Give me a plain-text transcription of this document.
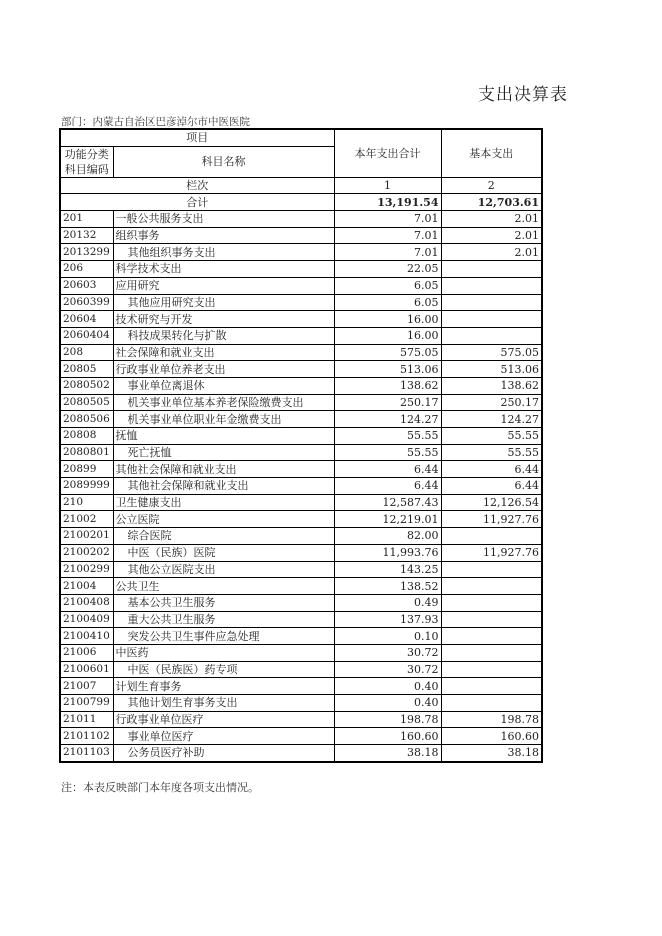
支出决算表
部门：内蒙古自治区巴彦淖尔市中医医院
项目		本年支出合计	基本支出

功能分类
科目编码	科目名称		
栏次		1	2
合计		13,191.54	12,703.61
201	一般公共服务支出	7.01	2.01
20132	组织事务	7.01	2.01
2013299	其他组织事务支出	7.01	2.01
206	科学技术支出	22.05	
20603	应用研究	6.05	
2060399	其他应用研究支出	6.05	
20604	技术研究与开发	16.00	
2060404	科技成果转化与扩散	16.00	
208	社会保障和就业支出	575.05	575.05
20805	行政事业单位养老支出	513.06	513.06
2080502	事业单位离退休	138.62	138.62
2080505	机关事业单位基本养老保险缴费支出	250.17	250.17
2080506	机关事业单位职业年金缴费支出	124.27	124.27
20808	抚恤	55.55	55.55
2080801	死亡抚恤	55.55	55.55
20899	其他社会保障和就业支出	6.44	6.44
2089999	其他社会保障和就业支出	6.44	6.44
210	卫生健康支出	12,587.43	12,126.54
21002	公立医院	12,219.01	11,927.76
2100201	综合医院	82.00	
2100202	中医（民族）医院	11,993.76	11,927.76
2100299	其他公立医院支出	143.25	
21004	公共卫生	138.52	
2100408	基本公共卫生服务	0.49	
2100409	重大公共卫生服务	137.93	
2100410	突发公共卫生事件应急处理	0.10	
21006	中医药	30.72	
2100601	中医（民族医）药专项	30.72	
21007	计划生育事务	0.40	
2100799	其他计划生育事务支出	0.40	
21011	行政事业单位医疗	198.78	198.78
2101102	事业单位医疗	160.60	160.60
2101103	公务员医疗补助	38.18	38.18
注：本表反映部门本年度各项支出情况。
